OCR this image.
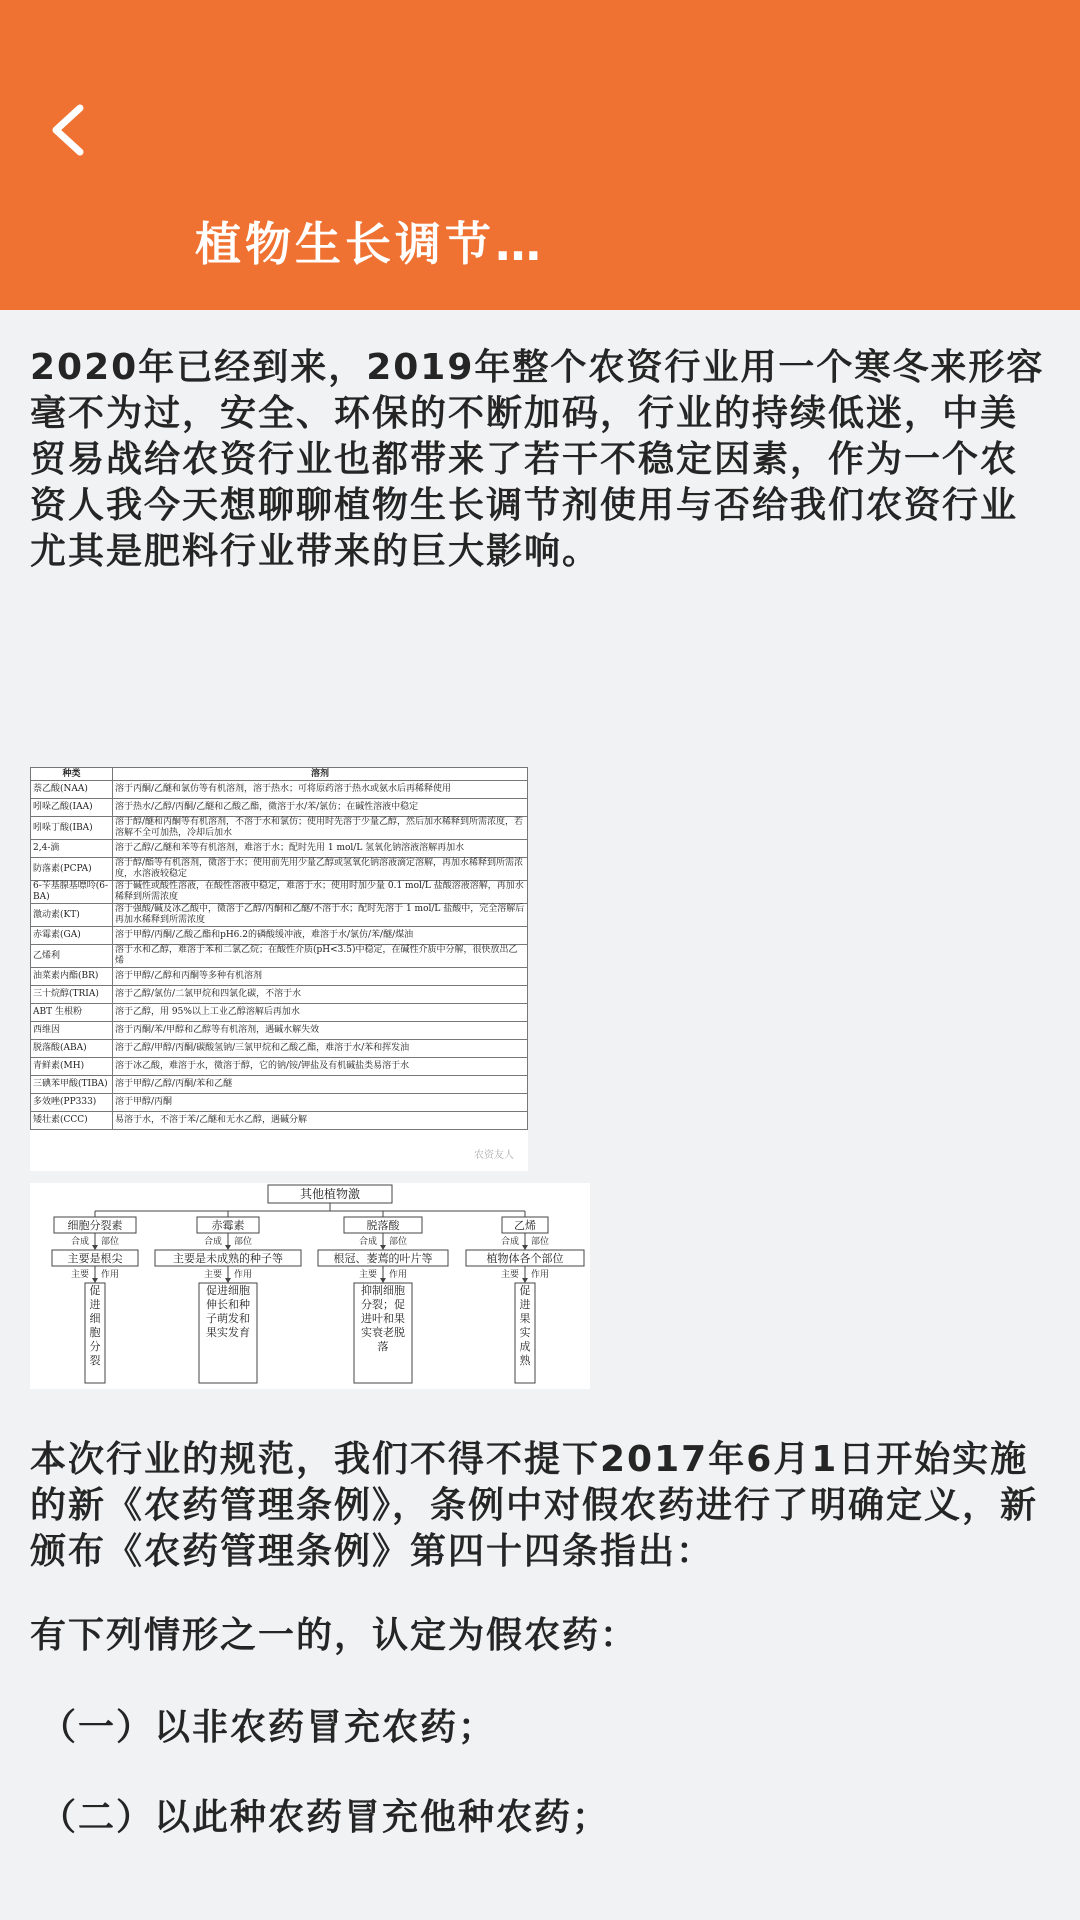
植物生长调节…

2020年已经到来，2019年整个农资行业用一个寒冬来形容毫不为过，安全、环保的不断加码，行业的持续低迷，中美贸易战给农资行业也都带来了若干不稳定因素，作为一个农资人我今天想聊聊植物生长调节剂使用与否给我们农资行业尤其是肥料行业带来的巨大影响。

种类	溶剂
萘乙酸(NAA)	溶于丙酮/乙醚和氯仿等有机溶剂，溶于热水；可将原药溶于热水或氨水后再稀释使用
吲哚乙酸(IAA)	溶于热水/乙醇/丙酮/乙醚和乙酸乙酯，微溶于水/苯/氯仿；在碱性溶液中稳定
吲哚丁酸(IBA)	溶于醇/醚和丙酮等有机溶剂，不溶于水和氯仿；使用时先溶于少量乙醇，然后加水稀释到所需浓度，若溶解不全可加热，冷却后加水
2,4-滴	溶于乙醇/乙醚和苯等有机溶剂，难溶于水；配时先用 1 mol/L 氢氧化钠溶液溶解再加水
防落素(PCPA)	溶于醇/酯等有机溶剂，微溶于水；使用前先用少量乙醇或氢氧化钠溶液滴定溶解，再加水稀释到所需浓度，水溶液较稳定
6-苄基腺基嘌呤(6-BA)	溶于碱性或酸性溶液，在酸性溶液中稳定，难溶于水；使用时加少量 0.1 mol/L 盐酸溶液溶解，再加水稀释到所需浓度
激动素(KT)	溶于强酸/碱及冰乙酸中，微溶于乙醇/丙酮和乙醚/不溶于水；配时先溶于 1 mol/L 盐酸中，完全溶解后再加水稀释到所需浓度
赤霉素(GA)	溶于甲醇/丙酮/乙酸乙酯和pH6.2的磷酸缓冲液，难溶于水/氯仿/苯/醚/煤油
乙烯利	溶于水和乙醇，难溶于苯和二氯乙烷；在酸性介质(pH<3.5)中稳定，在碱性介质中分解，很快放出乙烯
油菜素内酯(BR)	溶于甲醇/乙醇和丙酮等多种有机溶剂
三十烷醇(TRIA)	溶于乙醇/氯仿/二氯甲烷和四氯化碳，不溶于水
ABT 生根粉	溶于乙醇，用 95%以上工业乙醇溶解后再加水
西维因	溶于丙酮/苯/甲醇和乙醇等有机溶剂，遇碱水解失效
脱落酸(ABA)	溶于乙醇/甲醇/丙酮/碳酸氢钠/三氯甲烷和乙酸乙酯，难溶于水/苯和挥发油
青鲜素(MH)	溶于冰乙酸，难溶于水，微溶于醇，它的钠/铵/钾盐及有机碱盐类易溶于水
三碘苯甲酸(TIBA)	溶于甲醇/乙醇/丙酮/苯和乙醚
多效唑(PP333)	溶于甲醇/丙酮
矮壮素(CCC)	易溶于水，不溶于苯/乙醚和无水乙醇，遇碱分解
农资友人
其他植物激
细胞分裂素
合成 部位
主要是根尖
主要 作用
促进细胞分裂
赤霉素
合成 部位
主要是未成熟的种子等
主要 作用
促进细胞伸长和种子萌发和果实发育
脱落酸
合成 部位
根冠、萎蔫的叶片等
主要 作用
抑制细胞分裂；促进叶和果实衰老脱落
乙烯
合成 部位
植物体各个部位
主要 作用
促进果实成熟

本次行业的规范，我们不得不提下2017年6月1日开始实施的新《农药管理条例》，条例中对假农药进行了明确定义，新颁布《农药管理条例》第四十四条指出：

有下列情形之一的，认定为假农药：

（一）以非农药冒充农药；

（二）以此种农药冒充他种农药；
